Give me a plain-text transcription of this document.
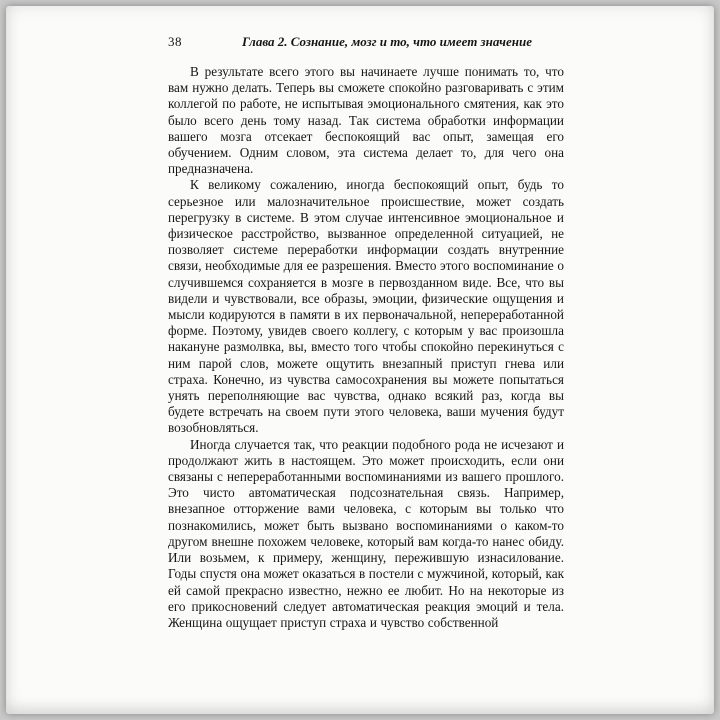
38	Глава 2. Сознание, мозг и то, что имеет значение

В результате всего этого вы начинаете лучше понимать то, что вам нужно делать. Теперь вы сможете спокойно разговаривать с этим коллегой по работе, не испытывая эмоционального смятения, как это было всего день тому назад. Так система обработки информации вашего мозга отсекает беспокоящий вас опыт, замещая его обучением. Одним словом, эта система делает то, для чего она предназначена.

К великому сожалению, иногда беспокоящий опыт, будь то серьезное или малозначительное происшествие, может создать перегрузку в системе. В этом случае интенсивное эмоциональное и физическое расстройство, вызванное определенной ситуацией, не позволяет системе переработки информации создать внутренние связи, необходимые для ее разрешения. Вместо этого воспоминание о случившемся сохраняется в мозге в первозданном виде. Все, что вы видели и чувствовали, все образы, эмоции, физические ощущения и мысли кодируются в памяти в их первоначальной, непереработанной форме. Поэтому, увидев своего коллегу, с которым у вас произошла накануне размолвка, вы, вместо того чтобы спокойно перекинуться с ним парой слов, можете ощутить внезапный приступ гнева или страха. Конечно, из чувства самосохранения вы можете попытаться унять переполняющие вас чувства, однако всякий раз, когда вы будете встречать на своем пути этого человека, ваши мучения будут возобновляться.

Иногда случается так, что реакции подобного рода не исчезают и продолжают жить в настоящем. Это может происходить, если они связаны с непереработанными воспоминаниями из вашего прошлого. Это чисто автоматическая подсознательная связь. Например, внезапное отторжение вами человека, с которым вы только что познакомились, может быть вызвано воспоминаниями о каком-то другом внешне похожем человеке, который вам когда-то нанес обиду. Или возьмем, к примеру, женщину, пережившую изнасилование. Годы спустя она может оказаться в постели с мужчиной, который, как ей самой прекрасно известно, нежно ее любит. Но на некоторые из его прикосновений следует автоматическая реакция эмоций и тела. Женщина ощущает приступ страха и чувство собственной
